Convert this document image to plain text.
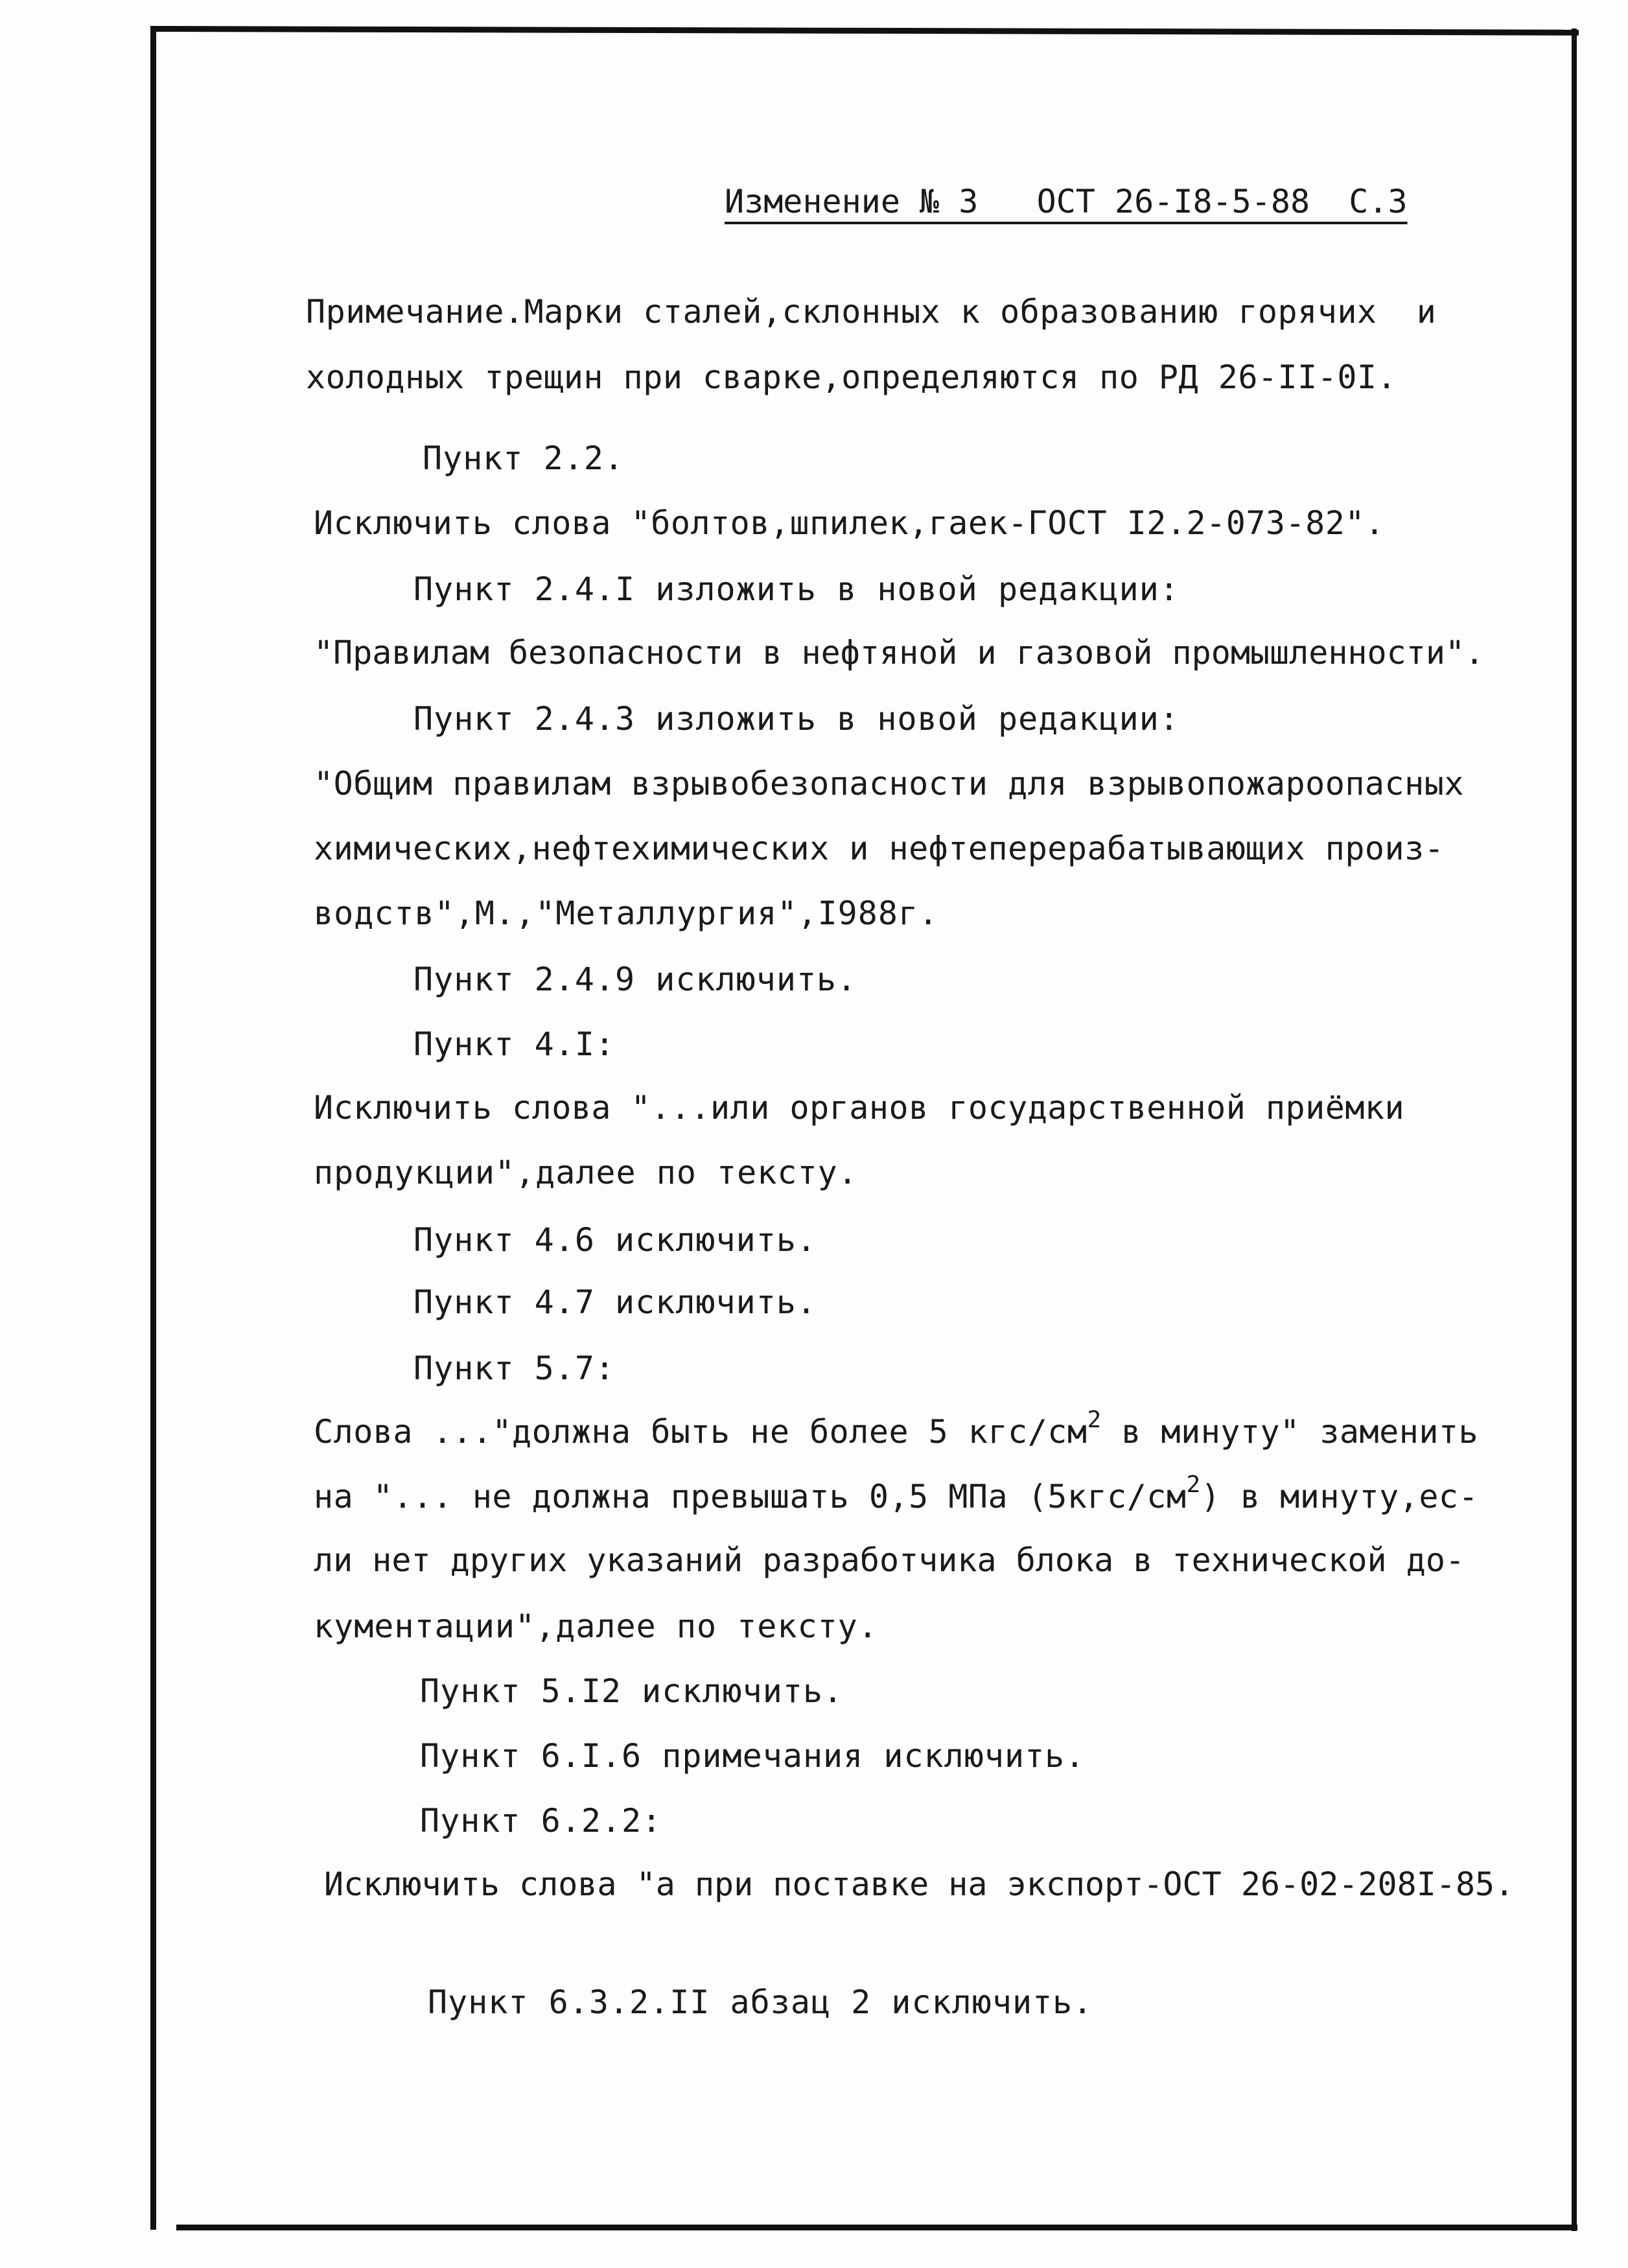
Изменение № 3   ОСТ 26-I8-5-88  С.3
Примечание.Марки сталей,склонных к образованию горячих  и
холодных трещин при сварке,определяются по РД 26-II-0I.
Пункт 2.2.
Исключить слова "болтов,шпилек,гаек-ГОСТ I2.2-073-82".
Пункт 2.4.I изложить в новой редакции:
"Правилам безопасности в нефтяной и газовой промышленности".
Пункт 2.4.3 изложить в новой редакции:
"Общим правилам взрывобезопасности для взрывопожароопасных
химических,нефтехимических и нефтеперерабатывающих произ-
водств",М.,"Металлургия",I988г.
Пункт 2.4.9 исключить.
Пункт 4.I:
Исключить слова "...или органов государственной приёмки
продукции",далее по тексту.
Пункт 4.6 исключить.
Пункт 4.7 исключить.
Пункт 5.7:
Слова ..."должна быть не более 5 кгс/$см^2$ в минуту" заменить
на "... не должна превышать 0,5 МПа $(5кгс/см^2)$ в минуту,ес-
ли нет других указаний разработчика блока в технической до-
кументации",далее по тексту.
Пункт 5.I2 исключить.
Пункт 6.I.6 примечания исключить.
Пункт 6.2.2:
Исключить слова "а при поставке на экспорт-ОСТ 26-02-208I-85.
Пункт 6.3.2.II абзац 2 исключить.
